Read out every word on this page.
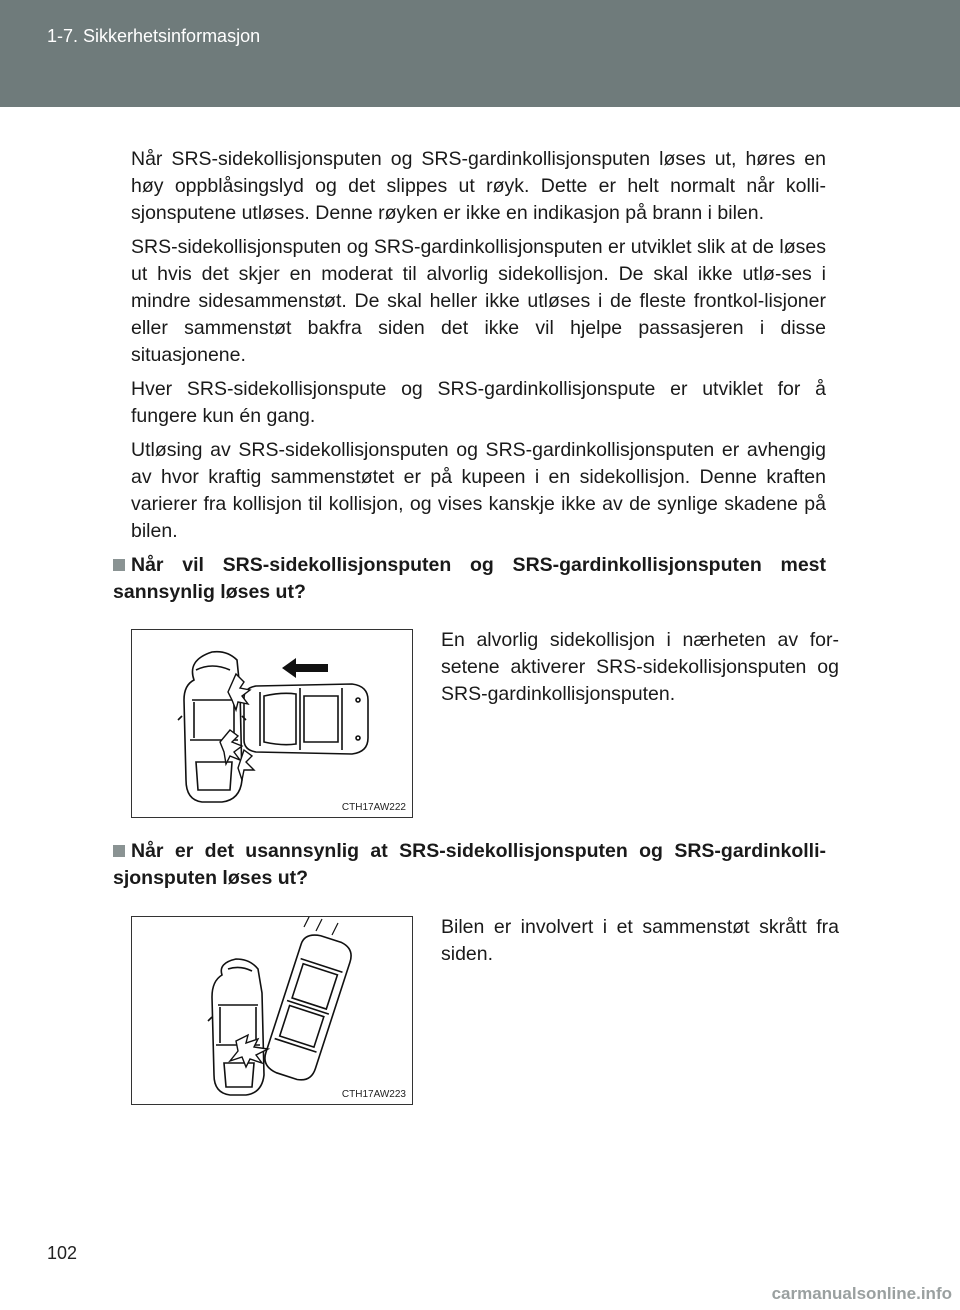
1-7. Sikkerhetsinformasjon

Når SRS-sidekollisjonsputen og SRS-gardinkollisjonsputen løses ut, høres en høy oppblåsingslyd og det slippes ut røyk. Dette er helt normalt når kolli-sjonsputene utløses. Denne røyken er ikke en indikasjon på brann i bilen.

SRS-sidekollisjonsputen og SRS-gardinkollisjonsputen er utviklet slik at de løses ut hvis det skjer en moderat til alvorlig sidekollisjon. De skal ikke utlø-ses i mindre sidesammenstøt. De skal heller ikke utløses i de fleste frontkol-lisjoner eller sammenstøt bakfra siden det ikke vil hjelpe passasjeren i disse situasjonene.

Hver SRS-sidekollisjonspute og SRS-gardinkollisjonspute er utviklet for å fungere kun én gang.

Utløsing av SRS-sidekollisjonsputen og SRS-gardinkollisjonsputen er avhengig av hvor kraftig sammenstøtet er på kupeen i en sidekollisjon. Denne kraften varierer fra kollisjon til kollisjon, og vises kanskje ikke av de synlige skadene på bilen.

Når vil SRS-sidekollisjonsputen og SRS-gardinkollisjonsputen mest sannsynlig løses ut?

CTH17AW222

En alvorlig sidekollisjon i nærheten av for-setene aktiverer SRS-sidekollisjonsputen og SRS-gardinkollisjonsputen.

Når er det usannsynlig at SRS-sidekollisjonsputen og SRS-gardinkolli-sjonsputen løses ut?

CTH17AW223

Bilen er involvert i et sammenstøt skrått fra siden.

102
carmanualsonline.info
